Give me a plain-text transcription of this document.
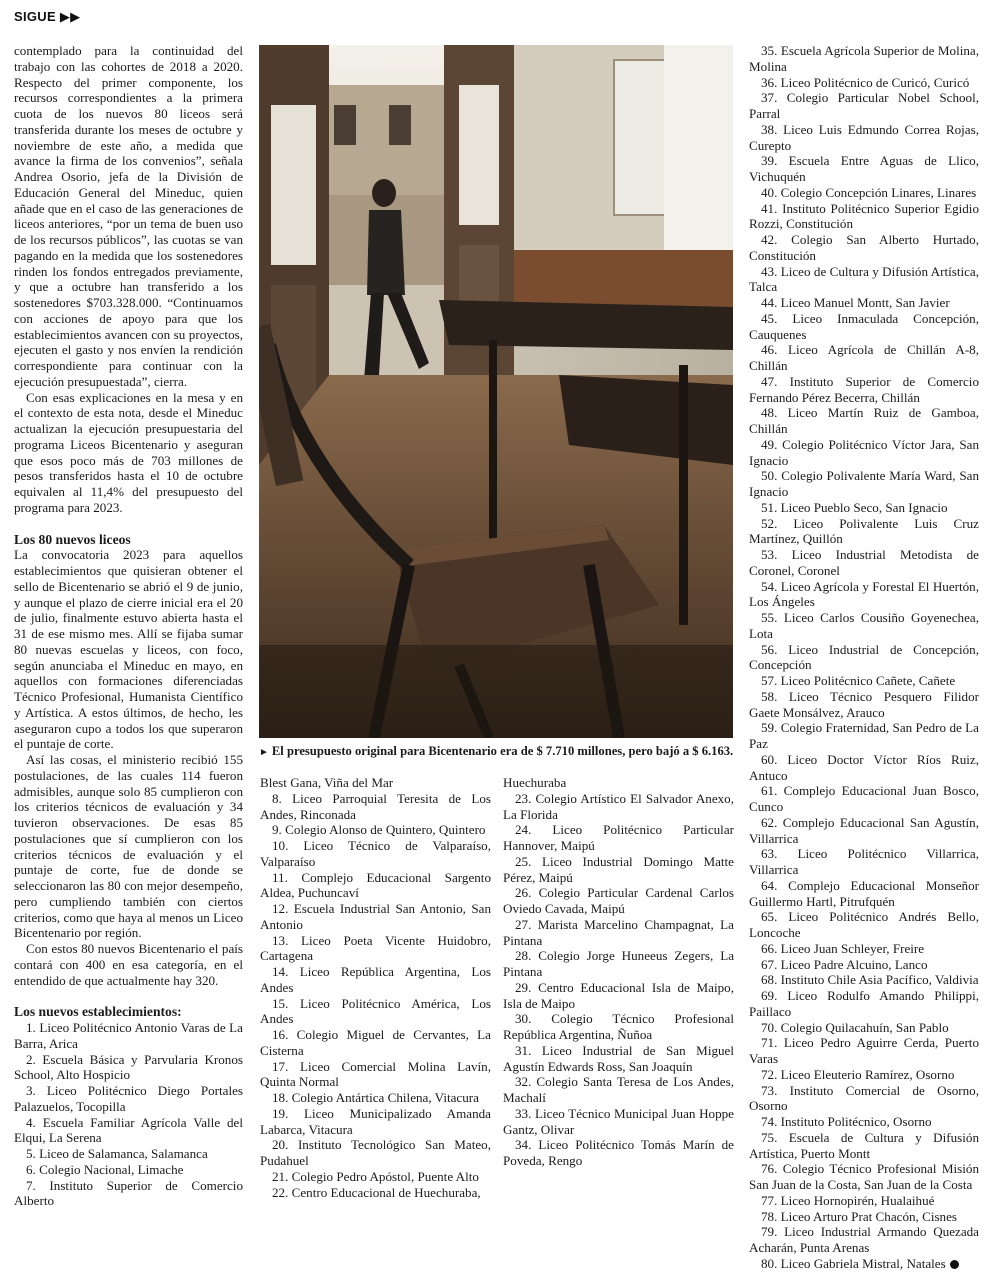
SIGUE ▶▶

contemplado para la continuidad del trabajo con las cohortes de 2018 a 2020. Respecto del primer componente, los recursos correspondientes a la primera cuota de los nuevos 80 liceos será transferida durante los meses de octubre y noviembre de este año, a medida que avance la firma de los convenios”, señala Andrea Osorio, jefa de la División de Educación General del Mineduc, quien añade que en el caso de las generaciones de liceos anteriores, “por un tema de buen uso de los recursos públicos”, las cuotas se van pagando en la medida que los sostenedores rinden los fondos entregados previamente, y que a octubre han transferido a los sostenedores $703.328.000. “Continuamos con acciones de apoyo para que los establecimientos avancen con su proyectos, ejecuten el gasto y nos envíen la rendición correspondiente para continuar con la ejecución presupuestada”, cierra.

Con esas explicaciones en la mesa y en el contexto de esta nota, desde el Mineduc actualizan la ejecución presupuestaria del programa Liceos Bicentenario y aseguran que esos poco más de 703 millones de pesos transferidos hasta el 10 de octubre equivalen al 11,4% del presupuesto del programa para 2023.

Los 80 nuevos liceos

La convocatoria 2023 para aquellos establecimientos que quisieran obtener el sello de Bicentenario se abrió el 9 de junio, y aunque el plazo de cierre inicial era el 20 de julio, finalmente estuvo abierta hasta el 31 de ese mismo mes. Allí se fijaba sumar 80 nuevas escuelas y liceos, con foco, según anunciaba el Mineduc en mayo, en aquellos con formaciones diferenciadas Técnico Profesional, Humanista Científico y Artística. A estos últimos, de hecho, les aseguraron cupo a todos los que superaron el puntaje de corte.

Así las cosas, el ministerio recibió 155 postulaciones, de las cuales 114 fueron admisibles, aunque solo 85 cumplieron con los criterios técnicos de evaluación y 34 tuvieron observaciones. De esas 85 postulaciones que sí cumplieron con los criterios técnicos de evaluación y el puntaje de corte, fue de donde se seleccionaron las 80 con mejor desempeño, pero cumpliendo también con ciertos criterios, como que haya al menos un Liceo Bicentenario por región.

Con estos 80 nuevos Bicentenario el país contará con 400 en esa categoría, en el entendido de que actualmente hay 320.

Los nuevos establecimientos:
1. Liceo Politécnico Antonio Varas de La Barra, Arica
2. Escuela Básica y Parvularia Kronos School, Alto Hospicio
3. Liceo Politécnico Diego Portales Palazuelos, Tocopilla
4. Escuela Familiar Agrícola Valle del Elqui, La Serena
5. Liceo de Salamanca, Salamanca
6. Colegio Nacional, Limache
7. Instituto Superior de Comercio Alberto
► El presupuesto original para Bicentenario era de $ 7.710 millones, pero bajó a $ 6.163.
Blest Gana, Viña del Mar
8. Liceo Parroquial Teresita de Los Andes, Rinconada
9. Colegio Alonso de Quintero, Quintero
10. Liceo Técnico de Valparaíso, Valparaíso
11. Complejo Educacional Sargento Aldea, Puchuncaví
12. Escuela Industrial San Antonio, San Antonio
13. Liceo Poeta Vicente Huidobro, Cartagena
14. Liceo República Argentina, Los Andes
15. Liceo Politécnico América, Los Andes
16. Colegio Miguel de Cervantes, La Cisterna
17. Liceo Comercial Molina Lavín, Quinta Normal
18. Colegio Antártica Chilena, Vitacura
19. Liceo Municipalizado Amanda Labarca, Vitacura
20. Instituto Tecnológico San Mateo, Pudahuel
21. Colegio Pedro Apóstol, Puente Alto
22. Centro Educacional de Huechuraba,
Huechuraba
23. Colegio Artístico El Salvador Anexo, La Florida
24. Liceo Politécnico Particular Hannover, Maipú
25. Liceo Industrial Domingo Matte Pérez, Maipú
26. Colegio Particular Cardenal Carlos Oviedo Cavada, Maipú
27. Marista Marcelino Champagnat, La Pintana
28. Colegio Jorge Huneeus Zegers, La Pintana
29. Centro Educacional Isla de Maipo, Isla de Maipo
30. Colegio Técnico Profesional República Argentina, Ñuñoa
31. Liceo Industrial de San Miguel Agustín Edwards Ross, San Joaquín
32. Colegio Santa Teresa de Los Andes, Machalí
33. Liceo Técnico Municipal Juan Hoppe Gantz, Olivar
34. Liceo Politécnico Tomás Marín de Poveda, Rengo
35. Escuela Agrícola Superior de Molina, Molina
36. Liceo Politécnico de Curicó, Curicó
37. Colegio Particular Nobel School, Parral
38. Liceo Luis Edmundo Correa Rojas, Curepto
39. Escuela Entre Aguas de Llico, Vichuquén
40. Colegio Concepción Linares, Linares
41. Instituto Politécnico Superior Egidio Rozzi, Constitución
42. Colegio San Alberto Hurtado, Constitución
43. Liceo de Cultura y Difusión Artística, Talca
44. Liceo Manuel Montt, San Javier
45. Liceo Inmaculada Concepción, Cauquenes
46. Liceo Agrícola de Chillán A-8, Chillán
47. Instituto Superior de Comercio Fernando Pérez Becerra, Chillán
48. Liceo Martín Ruiz de Gamboa, Chillán
49. Colegio Politécnico Víctor Jara, San Ignacio
50. Colegio Polivalente María Ward, San Ignacio
51. Liceo Pueblo Seco, San Ignacio
52. Liceo Polivalente Luis Cruz Martínez, Quillón
53. Liceo Industrial Metodista de Coronel, Coronel
54. Liceo Agrícola y Forestal El Huertón, Los Ángeles
55. Liceo Carlos Cousiño Goyenechea, Lota
56. Liceo Industrial de Concepción, Concepción
57. Liceo Politécnico Cañete, Cañete
58. Liceo Técnico Pesquero Filidor Gaete Monsálvez, Arauco
59. Colegio Fraternidad, San Pedro de La Paz
60. Liceo Doctor Víctor Ríos Ruiz, Antuco
61. Complejo Educacional Juan Bosco, Cunco
62. Complejo Educacional San Agustín, Villarrica
63. Liceo Politécnico Villarrica, Villarrica
64. Complejo Educacional Monseñor Guillermo Hartl, Pitrufquén
65. Liceo Politécnico Andrés Bello, Loncoche
66. Liceo Juan Schleyer, Freire
67. Liceo Padre Alcuino, Lanco
68. Instituto Chile Asia Pacífico, Valdivia
69. Liceo Rodulfo Amando Philippi, Paillaco
70. Colegio Quilacahuín, San Pablo
71. Liceo Pedro Aguirre Cerda, Puerto Varas
72. Liceo Eleuterio Ramírez, Osorno
73. Instituto Comercial de Osorno, Osorno
74. Instituto Politécnico, Osorno
75. Escuela de Cultura y Difusión Artística, Puerto Montt
76. Colegio Técnico Profesional Misión San Juan de la Costa, San Juan de la Costa
77. Liceo Hornopirén, Hualaihué
78. Liceo Arturo Prat Chacón, Cisnes
79. Liceo Industrial Armando Quezada Acharán, Punta Arenas
80. Liceo Gabriela Mistral, Natales
